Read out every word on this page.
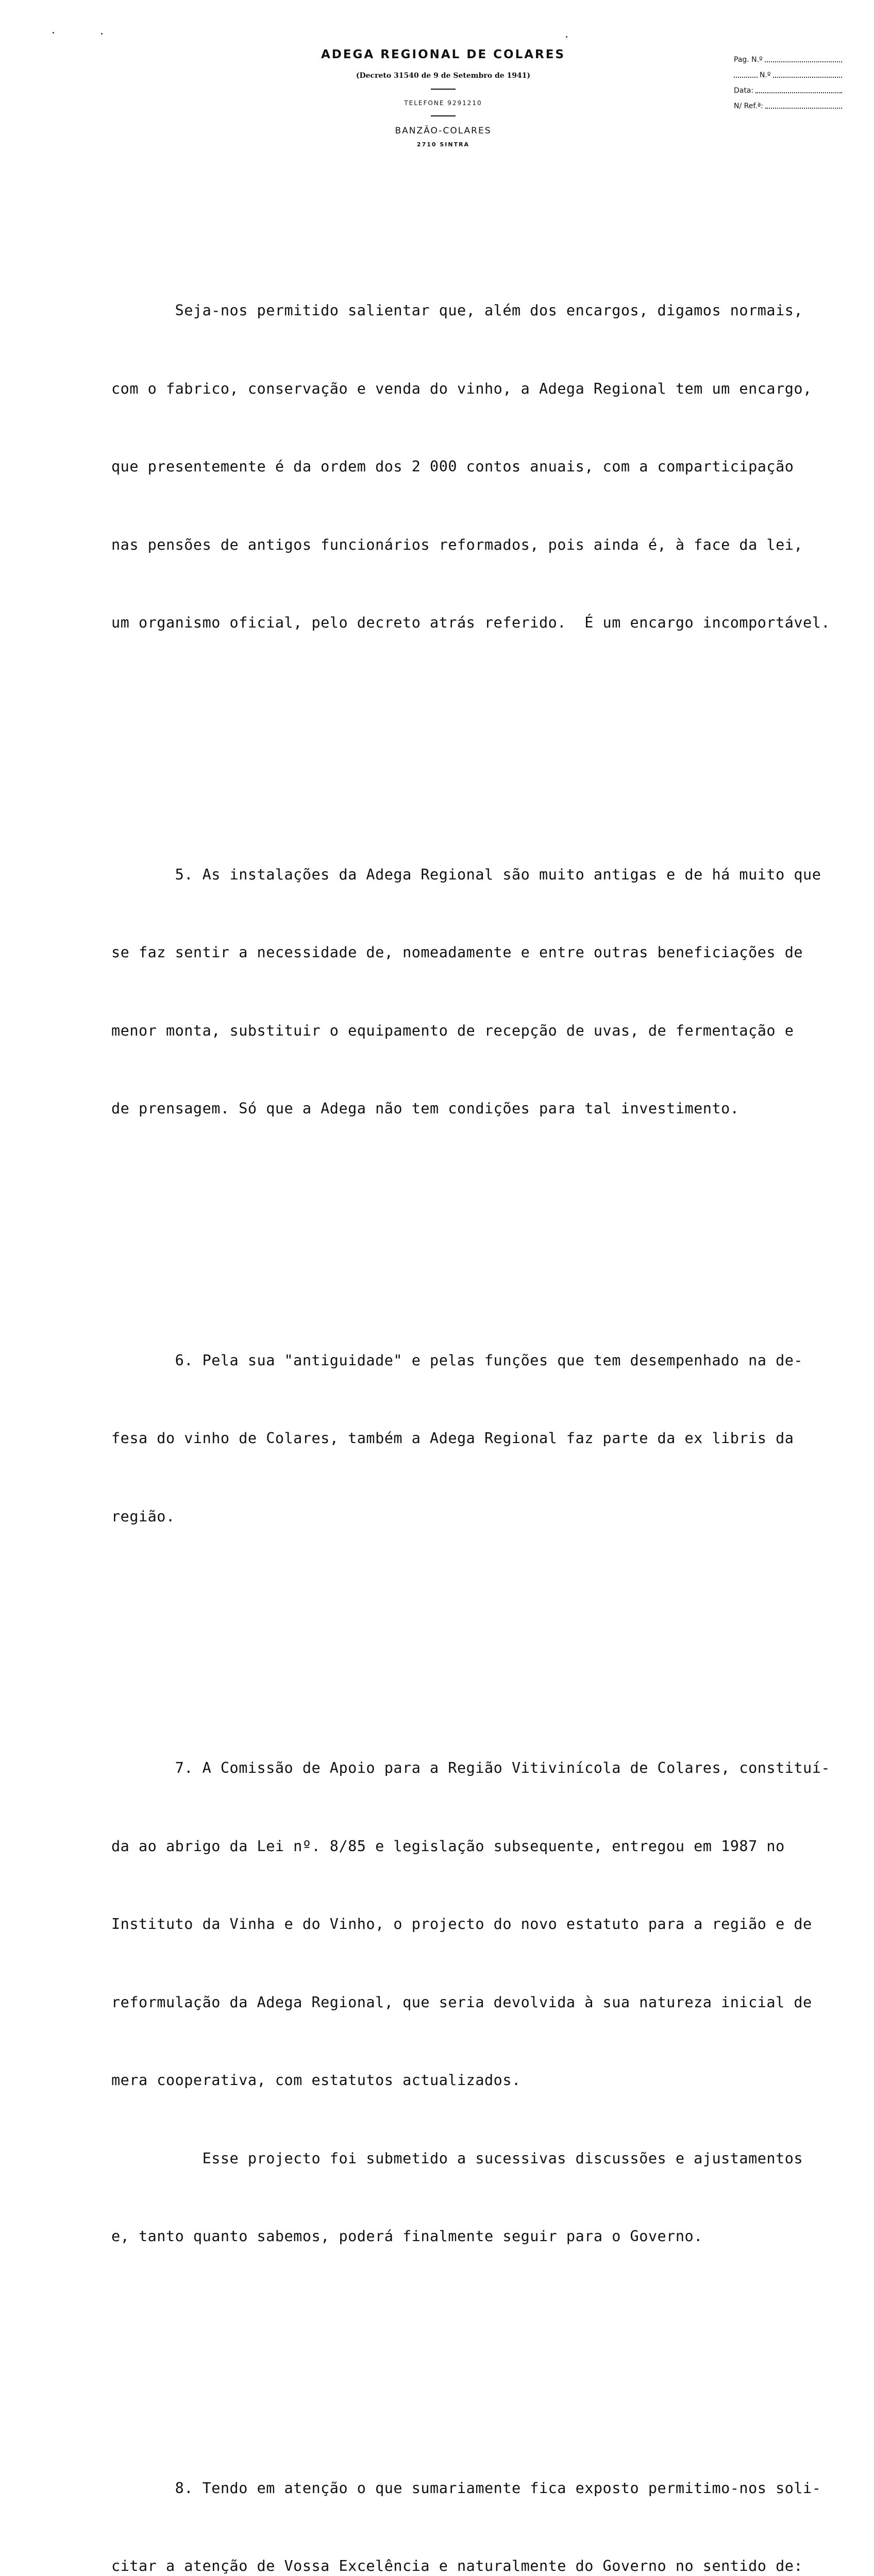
ADEGA REGIONAL DE COLARES
(Decreto 31540 de 9 de Setembro de 1941)
TELEFONE 9291210
BANZÃO-COLARES
2710 SINTRA
Pag. N.º
N.º
Data:
N/ Ref.ª:

Seja-nos permitido salientar que, além dos encargos, digamos normais,

com o fabrico, conservação e venda do vinho, a Adega Regional tem um encargo,

que presentemente é da ordem dos 2 000 contos anuais, com a comparticipação

nas pensões de antigos funcionários reformados, pois ainda é, à face da lei,

um organismo oficial, pelo decreto atrás referido.  É um encargo incomportável.

5. As instalações da Adega Regional são muito antigas e de há muito que

se faz sentir a necessidade de, nomeadamente e entre outras beneficiações de

menor monta, substituir o equipamento de recepção de uvas, de fermentação e

de prensagem. Só que a Adega não tem condições para tal investimento.

6. Pela sua "antiguidade" e pelas funções que tem desempenhado na de-

fesa do vinho de Colares, também a Adega Regional faz parte da ex libris da

região.

7. A Comissão de Apoio para a Região Vitivinícola de Colares, constituí-

da ao abrigo da Lei nº. 8/85 e legislação subsequente, entregou em 1987 no

Instituto da Vinha e do Vinho, o projecto do novo estatuto para a região e de

reformulação da Adega Regional, que seria devolvida à sua natureza inicial de

mera cooperativa, com estatutos actualizados.

Esse projecto foi submetido a sucessivas discussões e ajustamentos

e, tanto quanto sabemos, poderá finalmente seguir para o Governo.

8. Tendo em atenção o que sumariamente fica exposto permitimo-nos soli-

citar a atenção de Vossa Excelência e naturalmente do Governo no sentido de:
